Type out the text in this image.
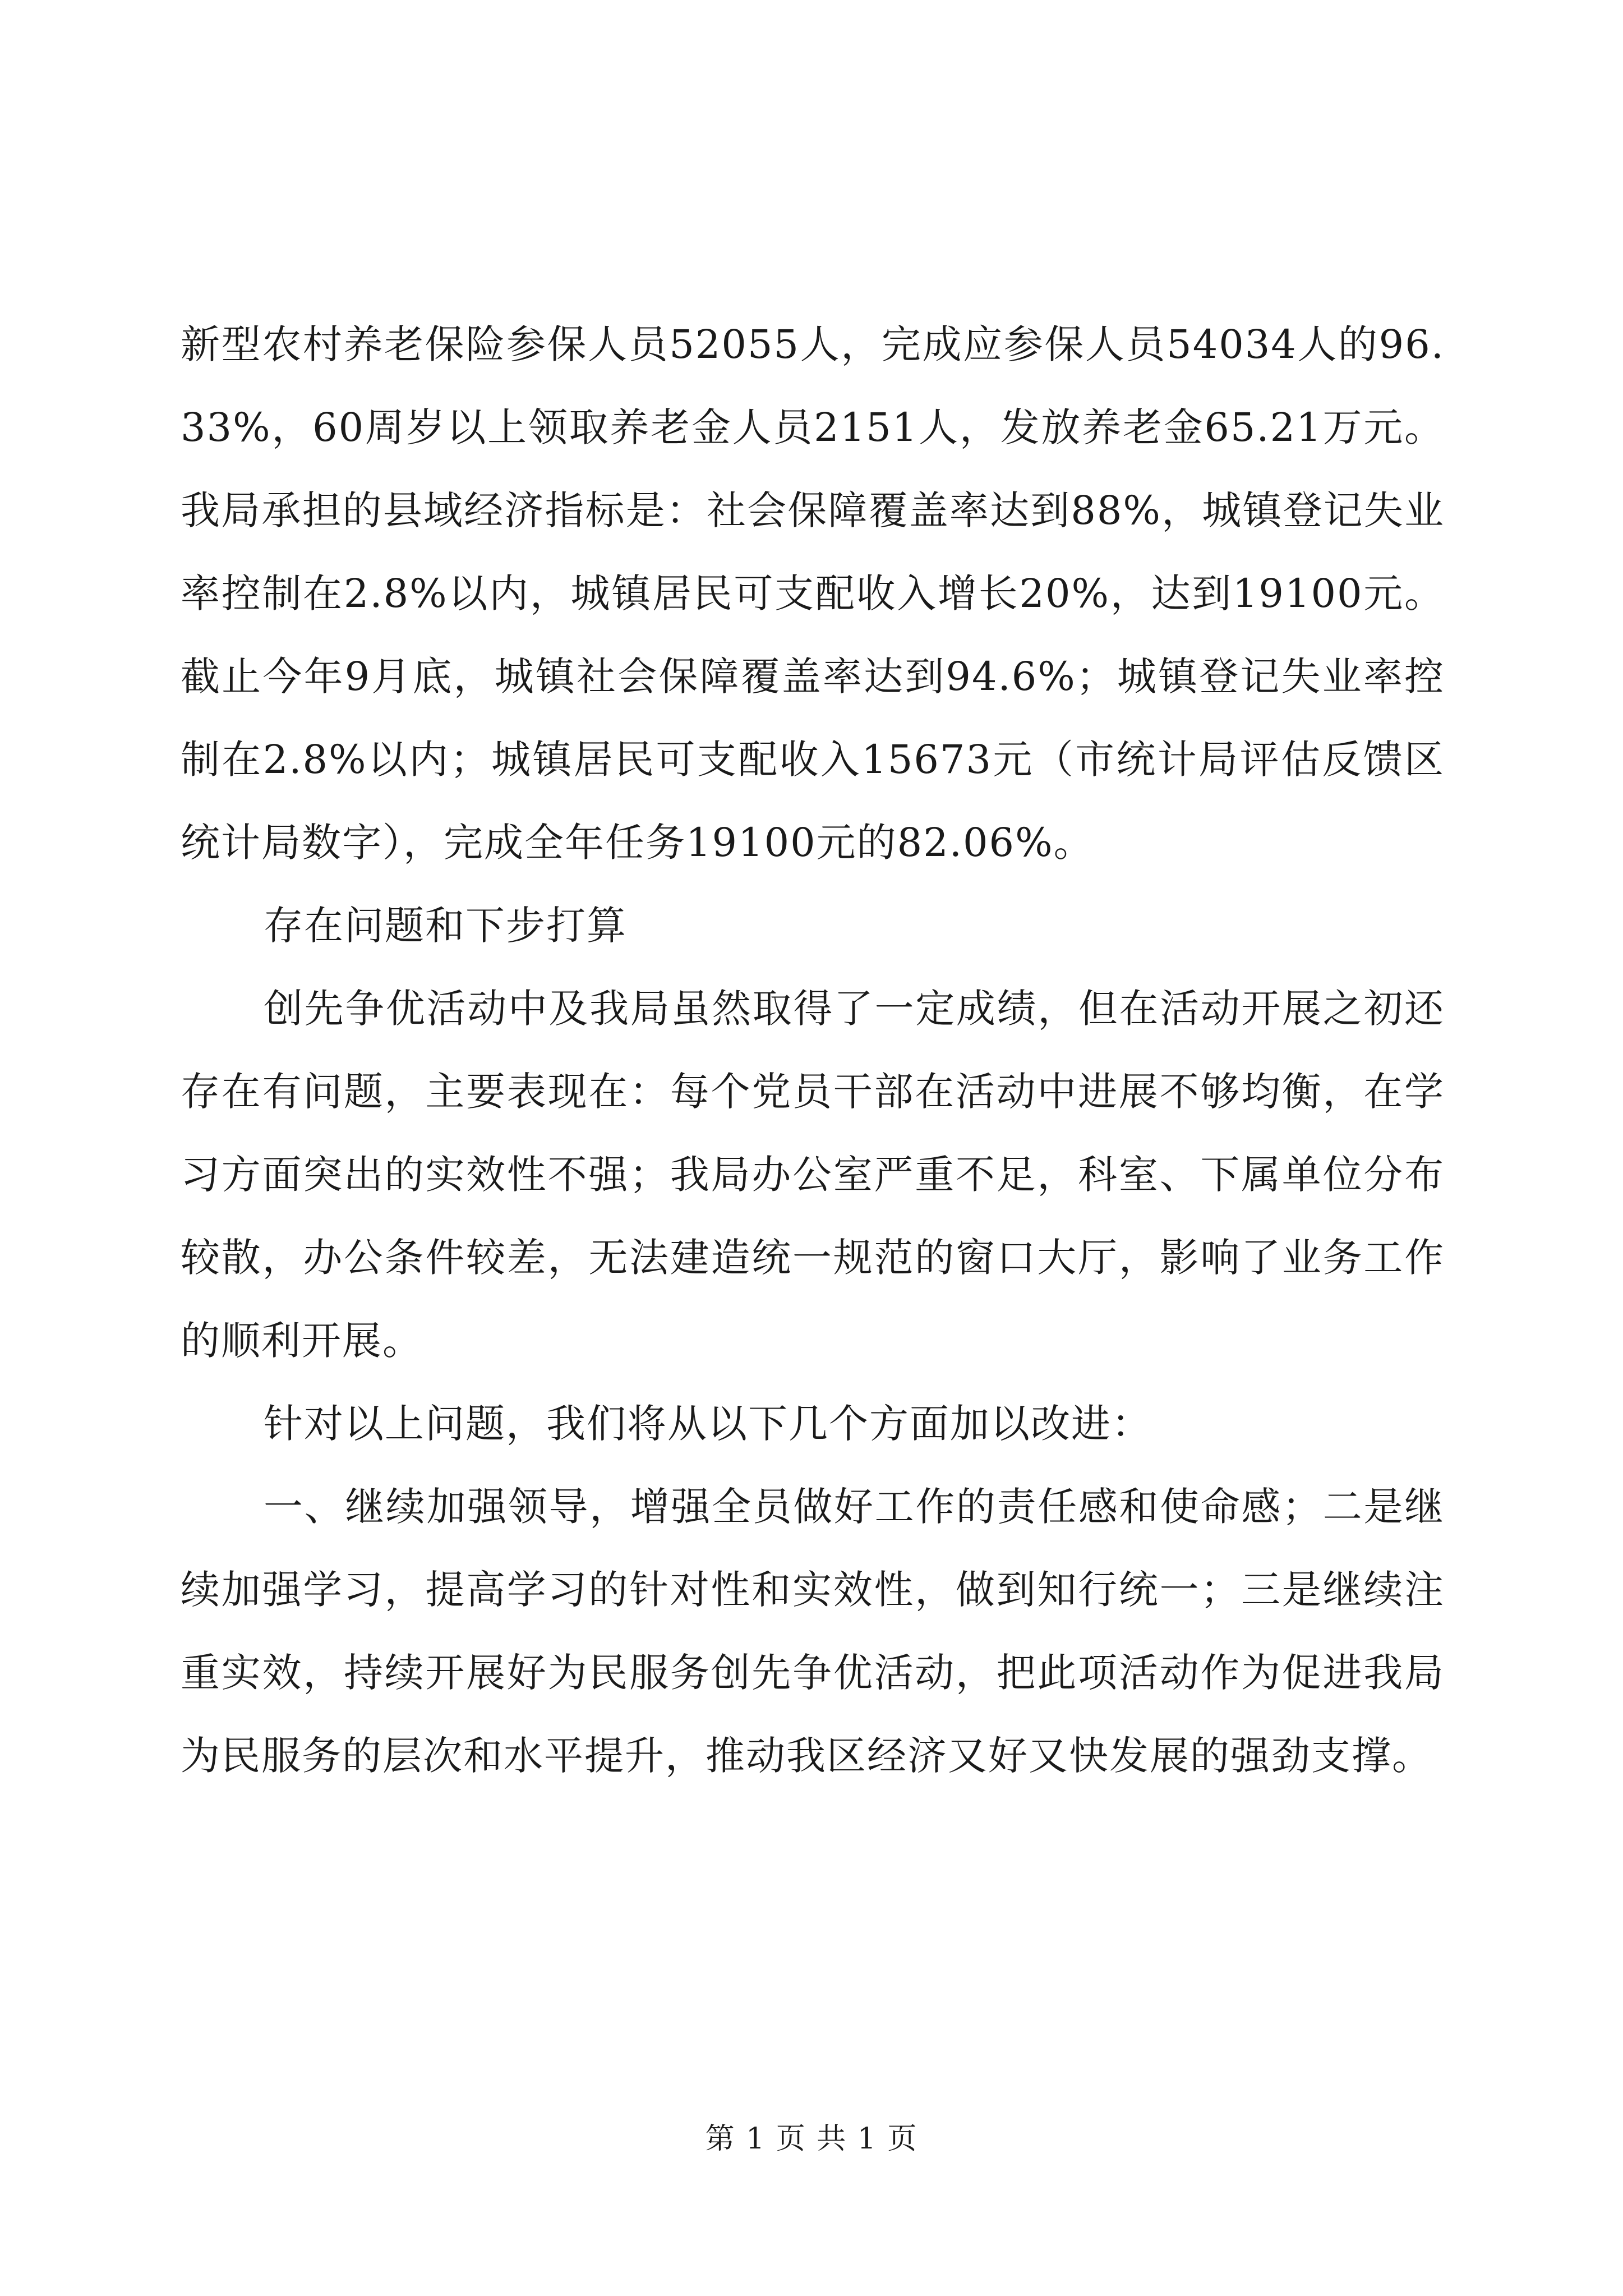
新型农村养老保险参保人员52055人，完成应参保人员54034人的96.33%，60周岁以上领取养老金人员2151人，发放养老金65.21万元。我局承担的县域经济指标是：社会保障覆盖率达到88%，城镇登记失业率控制在2.8%以内，城镇居民可支配收入增长20%，达到19100元。截止今年9月底，城镇社会保障覆盖率达到94.6%；城镇登记失业率控制在2.8%以内；城镇居民可支配收入15673元（市统计局评估反馈区统计局数字），完成全年任务19100元的82.06%。

存在问题和下步打算

创先争优活动中及我局虽然取得了一定成绩，但在活动开展之初还存在有问题，主要表现在：每个党员干部在活动中进展不够均衡，在学习方面突出的实效性不强；我局办公室严重不足，科室、下属单位分布较散，办公条件较差，无法建造统一规范的窗口大厅，影响了业务工作的顺利开展。

针对以上问题，我们将从以下几个方面加以改进：

一、继续加强领导，增强全员做好工作的责任感和使命感；二是继续加强学习，提高学习的针对性和实效性，做到知行统一；三是继续注重实效，持续开展好为民服务创先争优活动，把此项活动作为促进我局为民服务的层次和水平提升，推动我区经济又好又快发展的强劲支撑。

第 1 页 共 1 页
